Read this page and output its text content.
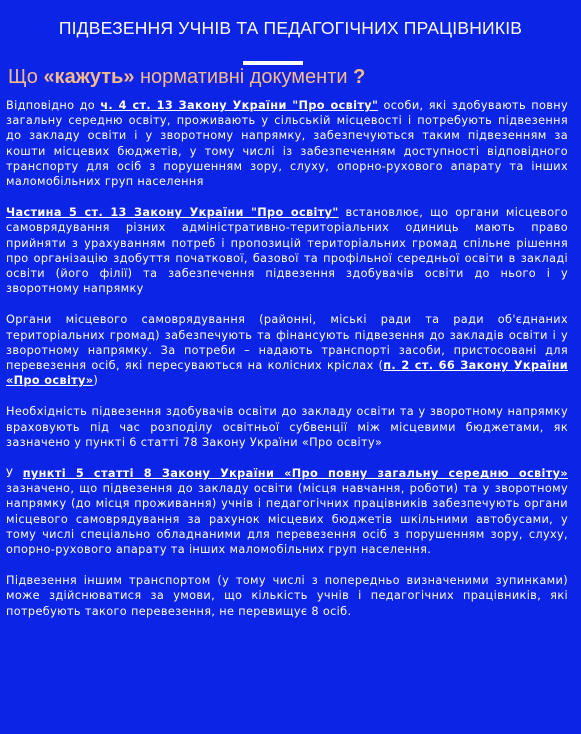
ПІДВЕЗЕННЯ УЧНІВ ТА ПЕДАГОГІЧНИХ ПРАЦІВНИКІВ
Що «кажуть» нормативні документи ?

Відповідно до ч. 4 ст. 13 Закону України "Про освіту" особи, які здобувають повну загальну середню освіту, проживають у сільській місцевості і потребують підвезення до закладу освіти і у зворотному напрямку, забезпечуються таким підвезенням за кошти місцевих бюджетів, у тому числі із забезпеченням доступності відповідного транспорту для осіб з порушенням зору, слуху, опорно-рухового апарату та інших маломобільних груп населення

Частина 5 ст. 13 Закону України "Про освіту" встановлює, що органи місцевого самоврядування різних адміністративно-територіальних одиниць мають право прийняти з урахуванням потреб і пропозицій територіальних громад спільне рішення про організацію здобуття початкової, базової та профільної середньої освіти в закладі освіти (його філії) та забезпечення підвезення здобувачів освіти до нього і у зворотному напрямку

Органи місцевого самоврядування (районні, міські ради та ради об'єднаних територіальних громад) забезпечують та фінансують підвезення до закладів освіти і у зворотному напрямку. За потреби – надають транспорті засоби, пристосовані для перевезення осіб, які пересуваються на колісних кріслах (п. 2 ст. 66 Закону України «Про освіту»)

Необхідність підвезення здобувачів освіти до закладу освіти та у зворотному напрямку враховують під час розподілу освітньої субвенції між місцевими бюджетами, як зазначено у пункті 6 статті 78 Закону України «Про освіту»

У пункті 5 статті 8 Закону України «Про повну загальну середню освіту» зазначено, що підвезення до закладу освіти (місця навчання, роботи) та у зворотному напрямку (до місця проживання) учнів і педагогічних працівників забезпечують органи місцевого самоврядування за рахунок місцевих бюджетів шкільними автобусами, у тому числі спеціально обладнаними для перевезення осіб з порушенням зору, слуху, опорно-рухового апарату та інших маломобільних груп населення.

Підвезення іншим транспортом (у тому числі з попередньо визначеними зупинками) може здійснюватися за умови, що кількість учнів і педагогічних працівників, які потребують такого перевезення, не перевищує 8 осіб.
